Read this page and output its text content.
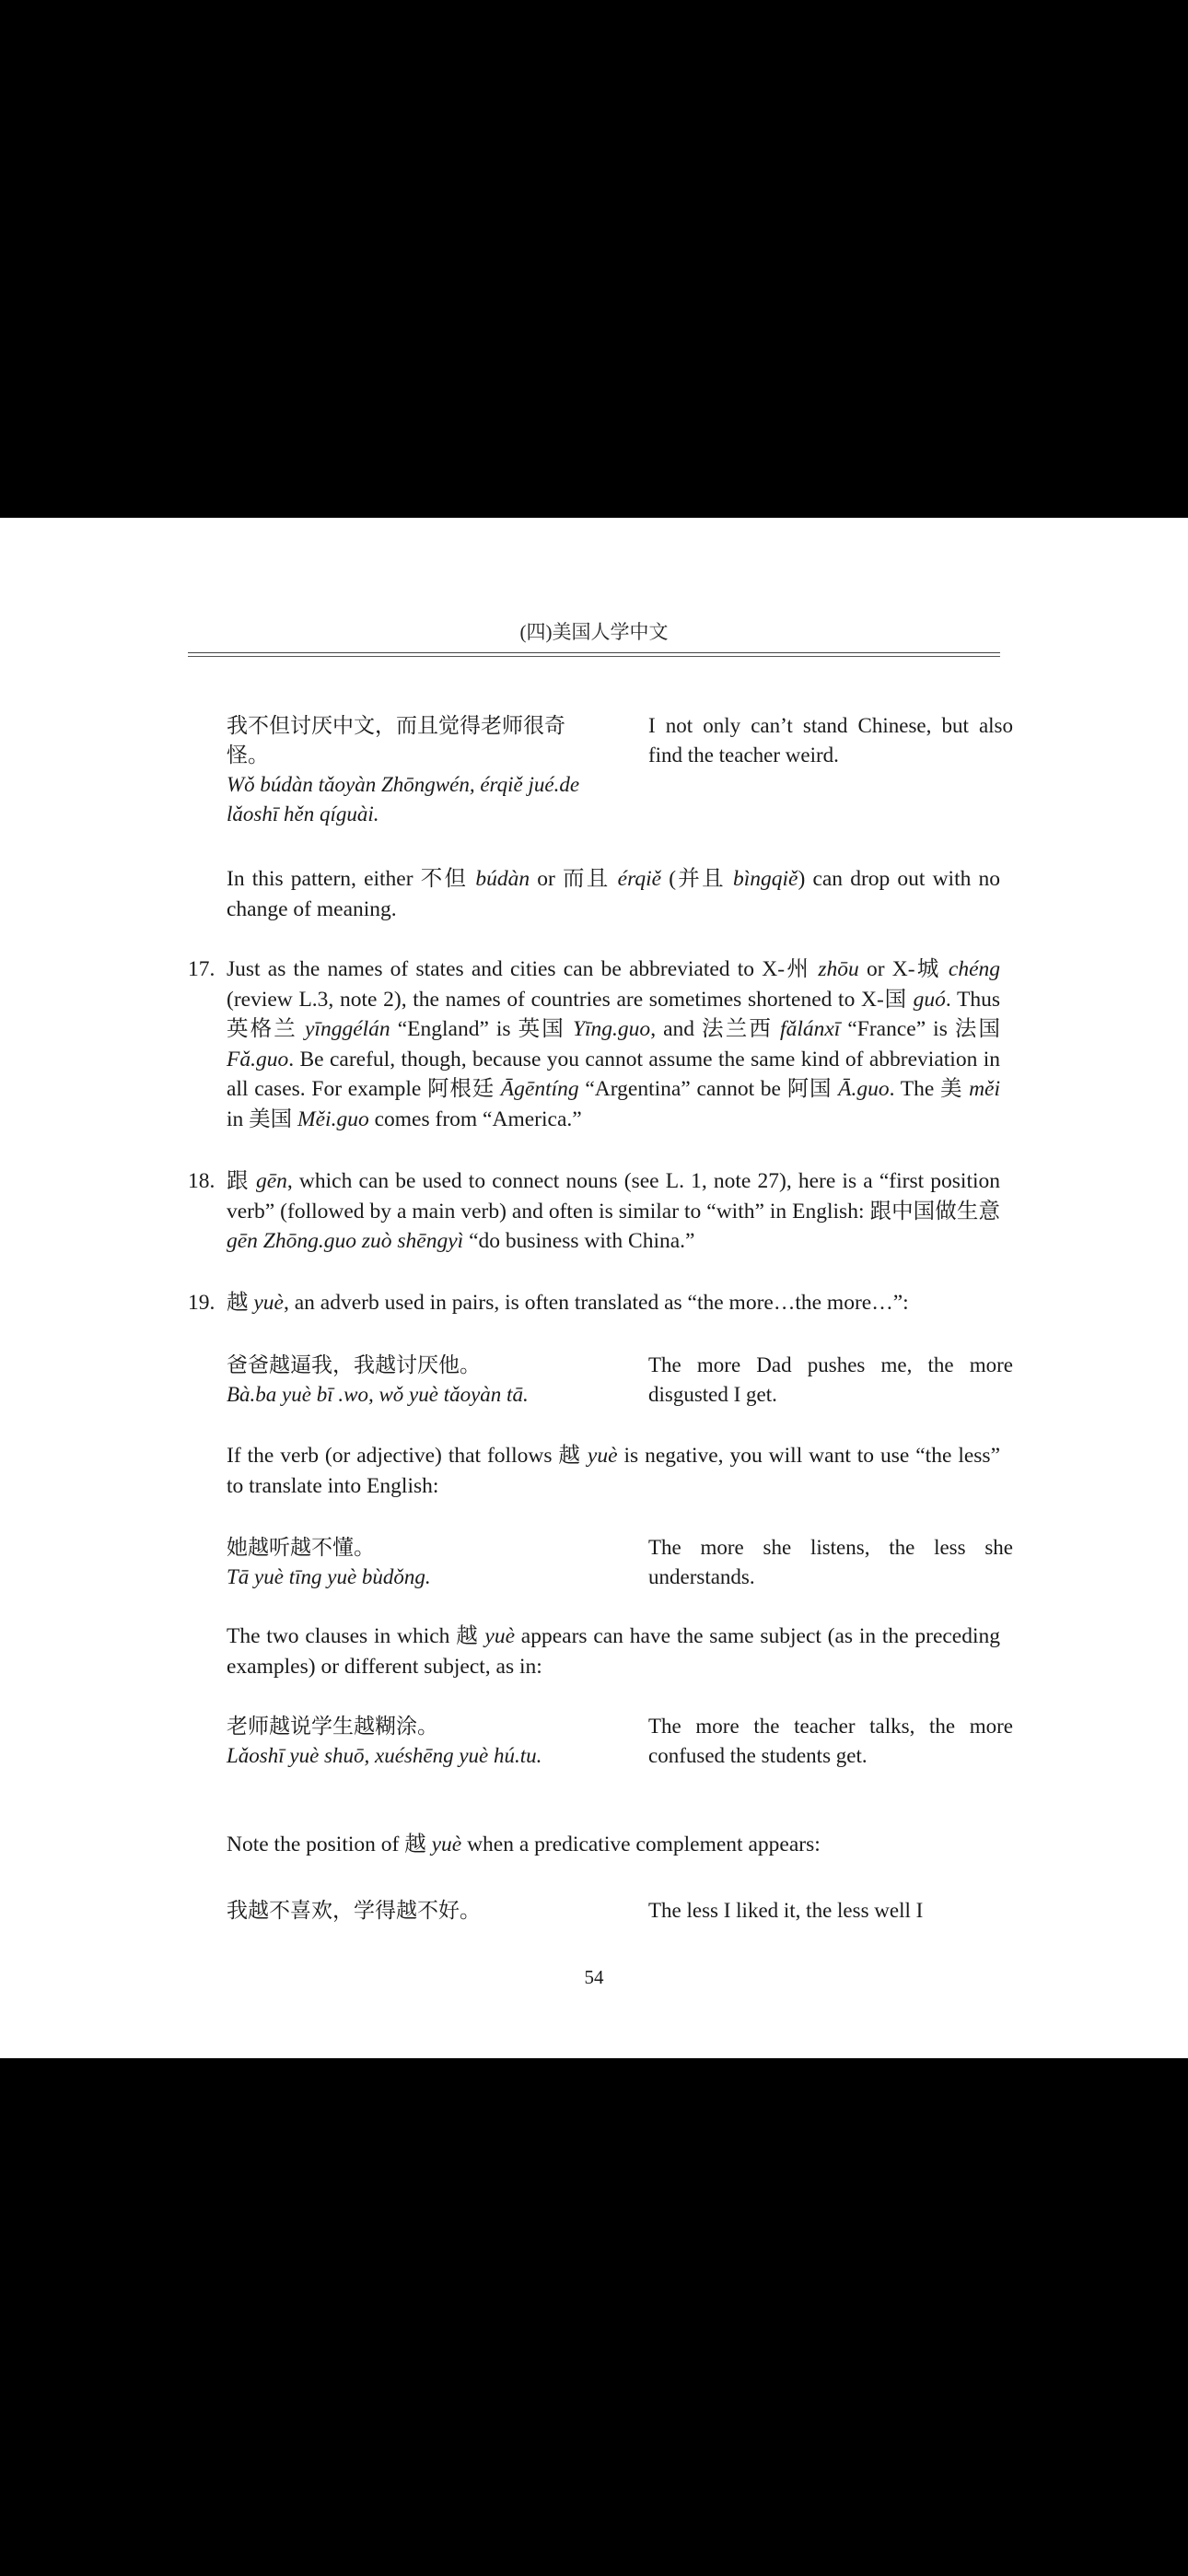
(四)美国人学中文
我不但讨厌中文，而且觉得老师很奇怪。
Wǒ búdàn tǎoyàn Zhōngwén, érqiě jué.de lǎoshī hěn qíguài.
I not only can’t stand Chinese, but also find the teacher weird.
In this pattern, either 不但 búdàn or 而且 érqiě (并且 bìngqiě) can drop out with no change of meaning.
17. Just as the names of states and cities can be abbreviated to X-州 zhōu or X-城 chéng (review L.3, note 2), the names of countries are sometimes shortened to X-国 guó. Thus 英格兰 yīnggélán “England” is 英国 Yīng.guo, and 法兰西 fǎlánxī “France” is 法国 Fǎ.guo. Be careful, though, because you cannot assume the same kind of abbreviation in all cases. For example 阿根廷 Āgēntíng “Argentina” cannot be 阿国 Ā.guo. The 美 měi in 美国 Měi.guo comes from “America.”
18. 跟 gēn, which can be used to connect nouns (see L. 1, note 27), here is a “first position verb” (followed by a main verb) and often is similar to “with” in English: 跟中国做生意 gēn Zhōng.guo zuò shēngyì “do business with China.”
19. 越 yuè, an adverb used in pairs, is often translated as “the more…the more…”:
爸爸越逼我，我越讨厌他。
Bà.ba yuè bī .wo, wǒ yuè tǎoyàn tā.
The more Dad pushes me, the more disgusted I get.
If the verb (or adjective) that follows 越 yuè is negative, you will want to use “the less” to translate into English:
她越听越不懂。
Tā yuè tīng yuè bùdǒng.
The more she listens, the less she understands.
The two clauses in which 越 yuè appears can have the same subject (as in the preceding examples) or different subject, as in:
老师越说学生越糊涂。
Lǎoshī yuè shuō, xuéshēng yuè hú.tu.
The more the teacher talks, the more confused the students get.
Note the position of 越 yuè when a predicative complement appears:
我越不喜欢，学得越不好。	The less I liked it, the less well I
54
